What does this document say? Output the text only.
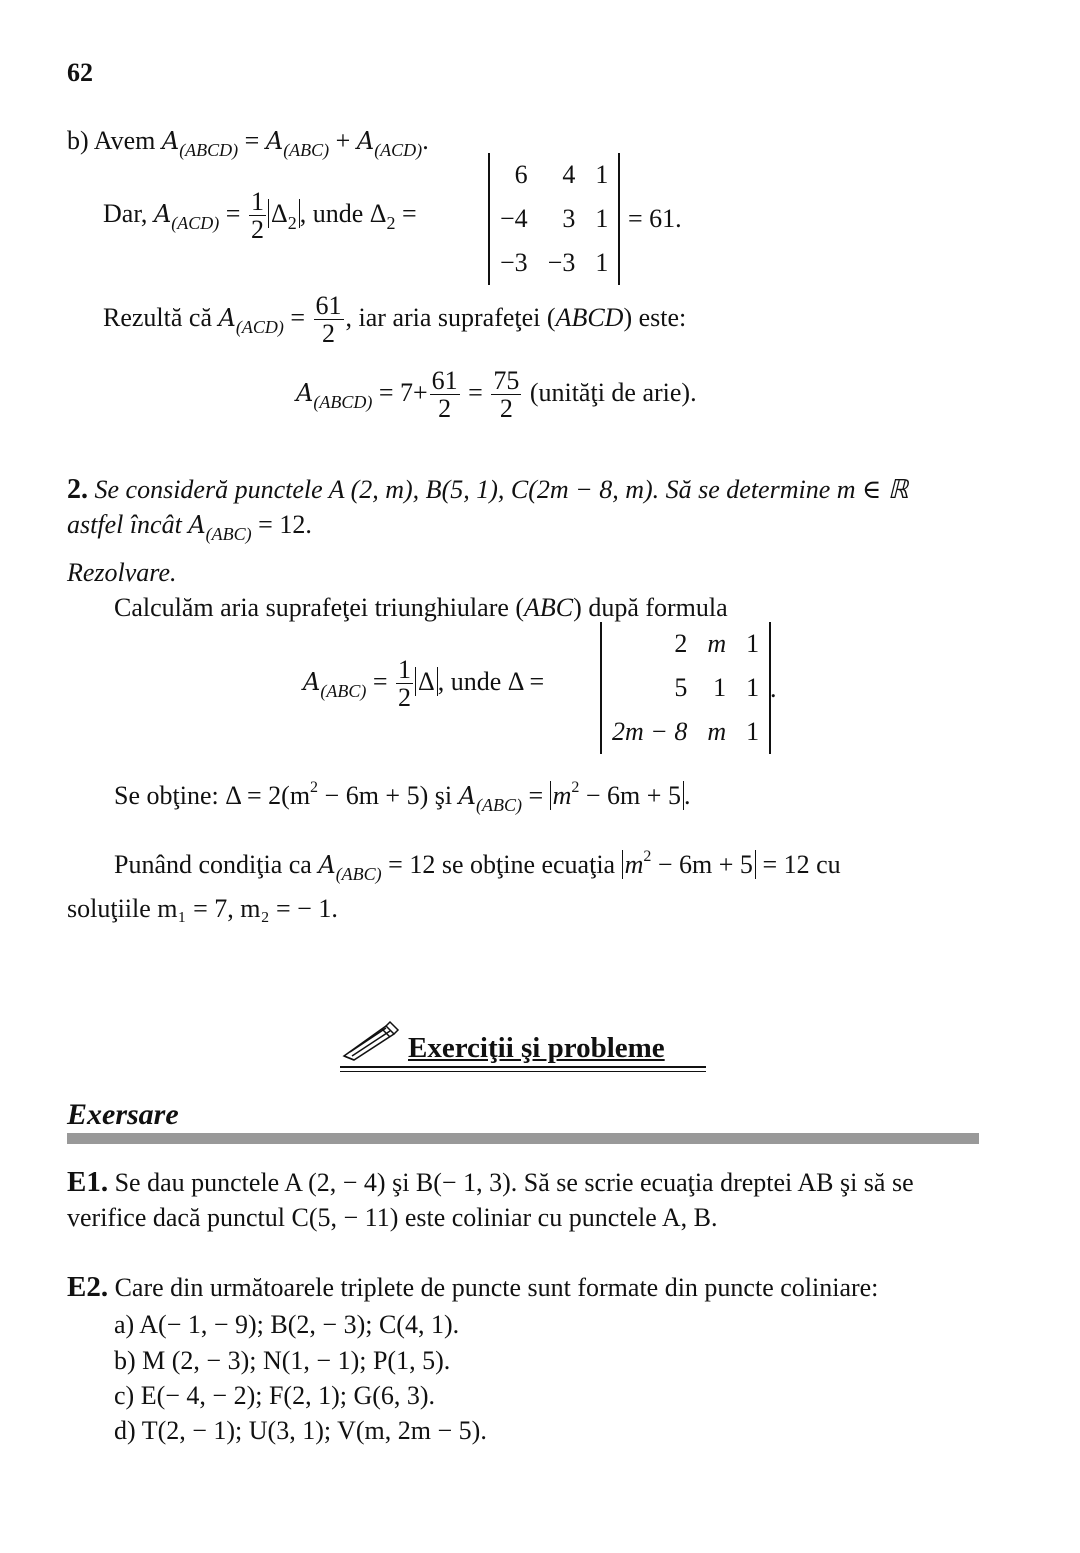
62
b) Avem $A_{(ABCD)} = A_{(ABC)} + A_{(ACD)}$.
Dar, $A_{(ACD)} = \frac{1}{2} \Delta_2$ , unde $\Delta_2$ =
6	4	1
−4	3	1
−3	−3	1
= 61.
Rezultă că $A_{(ACD)} = \frac{61}{2}$ , iar aria suprafeţei (ABCD) este:
$A_{(ABCD)} = 7+ \frac{61}{2} = \frac{75}{2}$ (unităţi de arie).
2. Se consideră punctele A (2, m), B(5, 1), C(2m − 8, m). Să se determine m ∈ ℝ
astfel încât $A_{(ABC)} = 12$.
Rezolvare.
Calculăm aria suprafeţei triunghiulare (ABC) după formula
$A_{(ABC)} = \frac{1}{2}$ Δ , unde Δ =
2	m	1
5	1	1
2m − 8	m	1
.
Se obţine: $\Delta = 2(m^2 - 6m + 5)$ şi $A_{(ABC)} = m^2 - 6m + 5$ .
Punând condiţia ca $A_{(ABC)} = 12$ se obţine ecuaţia $m^2 - 6m + 5 = 12$ cu
soluţiile m₁ = 7, m₂ = − 1.
Exerciţii şi probleme
Exersare
E1. Se dau punctele A (2, − 4) şi B(− 1, 3). Să se scrie ecuaţia dreptei AB şi să se
verifice dacă punctul C(5, − 11) este coliniar cu punctele A, B.
E2. Care din următoarele triplete de puncte sunt formate din puncte coliniare:
a) A(− 1, − 9); B(2, − 3); C(4, 1).
b) M (2, − 3); N(1, − 1); P(1, 5).
c) E(− 4, − 2); F(2, 1); G(6, 3).
d) T(2, − 1); U(3, 1); V(m, 2m − 5).
